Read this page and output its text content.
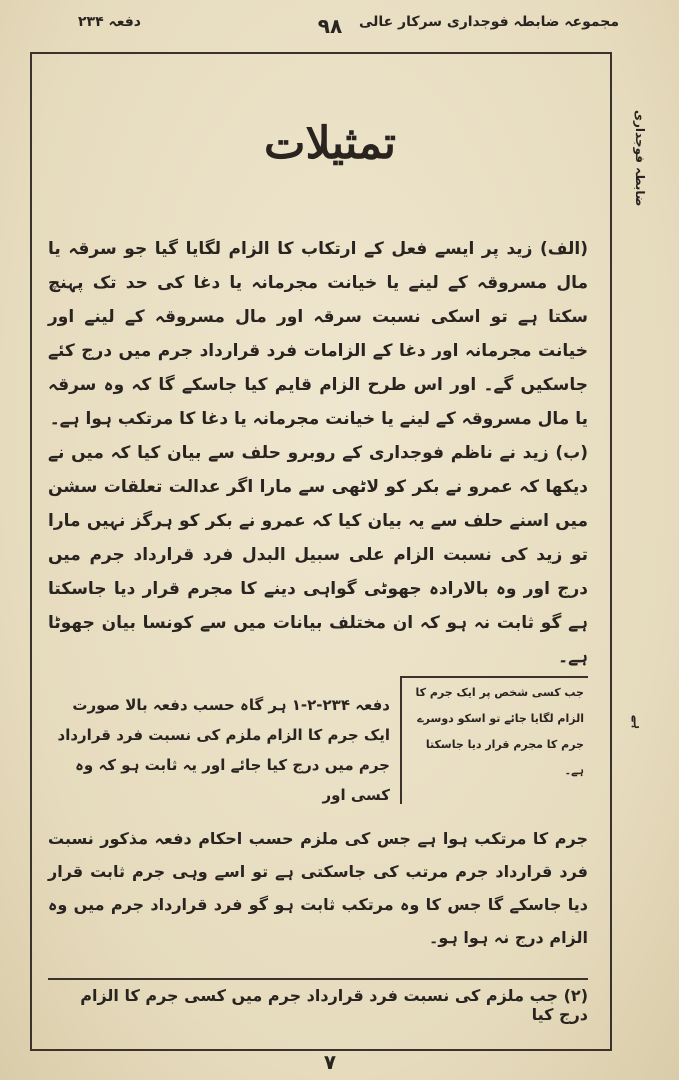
مجموعہ ضابطہ فوجداری سرکار عالی
۹۸
دفعہ ۲۳۴
ضابطہ فوجداری
ہے
تمثیلات

(الف) زید پر ایسے فعل کے ارتکاب کا الزام لگایا گیا جو سرقہ یا مال مسروقہ کے لینے یا خیانت مجرمانہ یا دغا کی حد تک پہنچ سکتا ہے تو اسکی نسبت سرقہ اور مال مسروقہ کے لینے اور خیانت مجرمانہ اور دغا کے الزامات فرد قرارداد جرم میں درج کئے جاسکیں گے۔ اور اس طرح الزام قایم کیا جاسکے گا کہ وہ سرقہ یا مال مسروقہ کے لینے یا خیانت مجرمانہ یا دغا کا مرتکب ہوا ہے۔

(ب) زید نے ناظم فوجداری کے روبرو حلف سے بیان کیا کہ میں نے دیکھا کہ عمرو نے بکر کو لاٹھی سے مارا اگر عدالت تعلقات سشن میں اسنے حلف سے یہ بیان کیا کہ عمرو نے بکر کو ہرگز نہیں مارا تو زید کی نسبت الزام علی سبیل البدل فرد قرارداد جرم میں درج اور وہ بالارادہ جھوٹی گواہی دینے کا مجرم قرار دیا جاسکتا ہے گو ثابت نہ ہو کہ ان مختلف بیانات میں سے کونسا بیان جھوٹا ہے۔

جب کسی شخص پر ایک جرم کا الزام لگایا جائے تو اسکو دوسرے جرم کا مجرم قرار دیا جاسکتا ہے۔
دفعہ ۲۳۴-۲-۱ ہر گاہ حسب دفعہ بالا صورت ایک جرم کا الزام ملزم کی نسبت فرد قرارداد جرم میں درج کیا جائے اور یہ ثابت ہو کہ وہ کسی اور

جرم کا مرتکب ہوا ہے جس کی ملزم حسب احکام دفعہ مذکور نسبت فرد قرارداد جرم مرتب کی جاسکتی ہے تو اسے وہی جرم ثابت قرار دیا جاسکے گا جس کا وہ مرتکب ثابت ہو گو فرد قرارداد جرم میں وہ الزام درج نہ ہوا ہو۔

(۲) جب ملزم کی نسبت فرد قرارداد جرم میں کسی جرم کا الزام درج کیا
۷
